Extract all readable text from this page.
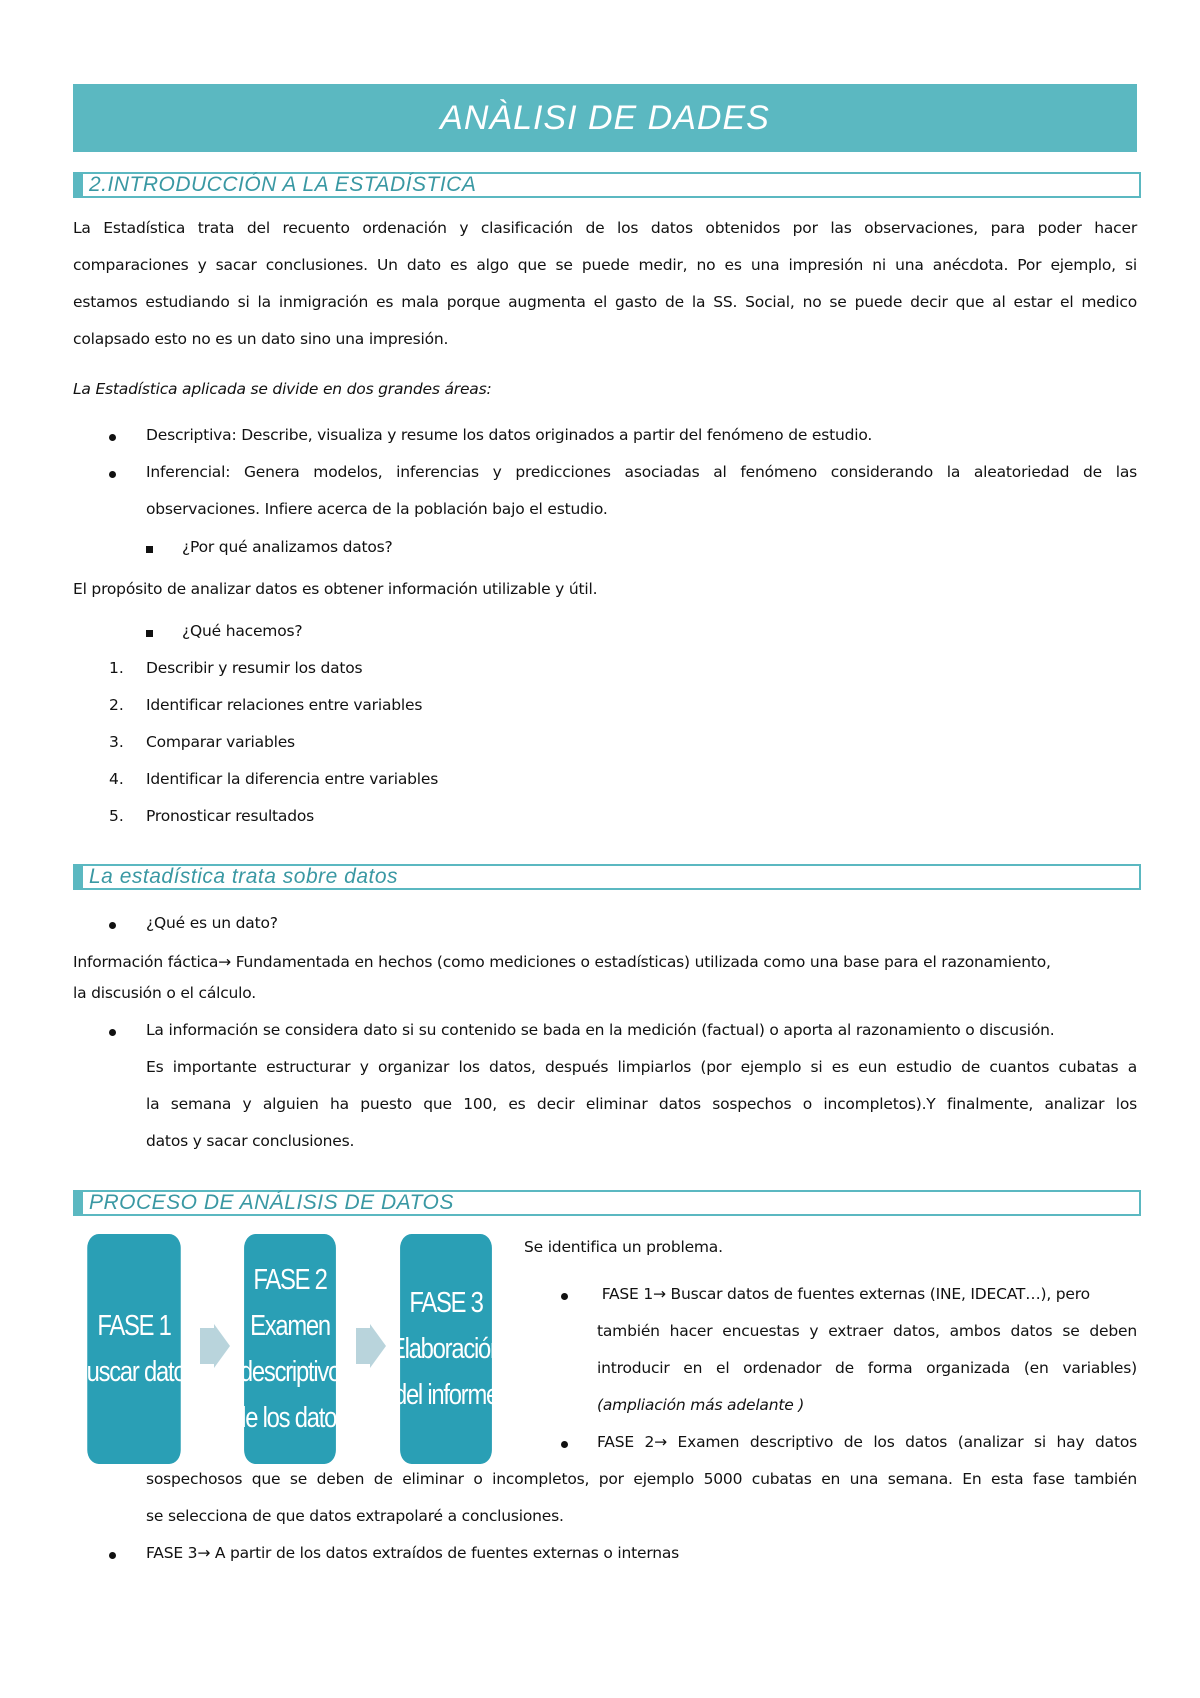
ANÀLISI DE DADES
2.INTRODUCCIÓN A LA ESTADÍSTICA
La Estadística trata del recuento ordenación y clasificación de los datos obtenidos por las observaciones, para poder hacer
comparaciones y sacar conclusiones. Un dato es algo que se puede medir, no es una impresión ni una anécdota. Por ejemplo, si
estamos estudiando si la inmigración es mala porque augmenta el gasto de la SS. Social, no se puede decir que al estar el medico
colapsado esto no es un dato sino una impresión.
La Estadística aplicada se divide en dos grandes áreas:
Descriptiva: Describe, visualiza y resume los datos originados a partir del fenómeno de estudio.
Inferencial: Genera modelos, inferencias y predicciones asociadas al fenómeno considerando la aleatoriedad de las
observaciones. Infiere acerca de la población bajo el estudio.
¿Por qué analizamos datos?
El propósito de analizar datos es obtener información utilizable y útil.
¿Qué hacemos?
1. Describir y resumir los datos
2. Identificar relaciones entre variables
3. Comparar variables
4. Identificar la diferencia entre variables
5. Pronosticar resultados
La estadística trata sobre datos
¿Qué es un dato?
Información fáctica→ Fundamentada en hechos (como mediciones o estadísticas) utilizada como una base para el razonamiento,
la discusión o el cálculo.
La información se considera dato si su contenido se bada en la medición (factual) o aporta al razonamiento o discusión.
Es importante estructurar y organizar los datos, después limpiarlos (por ejemplo si es eun estudio de cuantos cubatas a
la semana y alguien ha puesto que 100, es decir eliminar datos sospechos o incompletos).Y finalmente, analizar los
datos y sacar conclusiones.
PROCESO DE ANÁLISIS DE DATOS
FASE 1
Buscar datos
FASE 2
Examen
descriptivo
de los datos
FASE 3
Elaboración
del informe
Se identifica un problema.
FASE 1→ Buscar datos de fuentes externas (INE, IDECAT…), pero
también hacer encuestas y extraer datos, ambos datos se deben
introducir en el ordenador de forma organizada (en variables)
(ampliación más adelante )
FASE 2→ Examen descriptivo de los datos (analizar si hay datos
sospechosos que se deben de eliminar o incompletos, por ejemplo 5000 cubatas en una semana. En esta fase también
se selecciona de que datos extrapolaré a conclusiones.
FASE 3→ A partir de los datos extraídos de fuentes externas o internas
